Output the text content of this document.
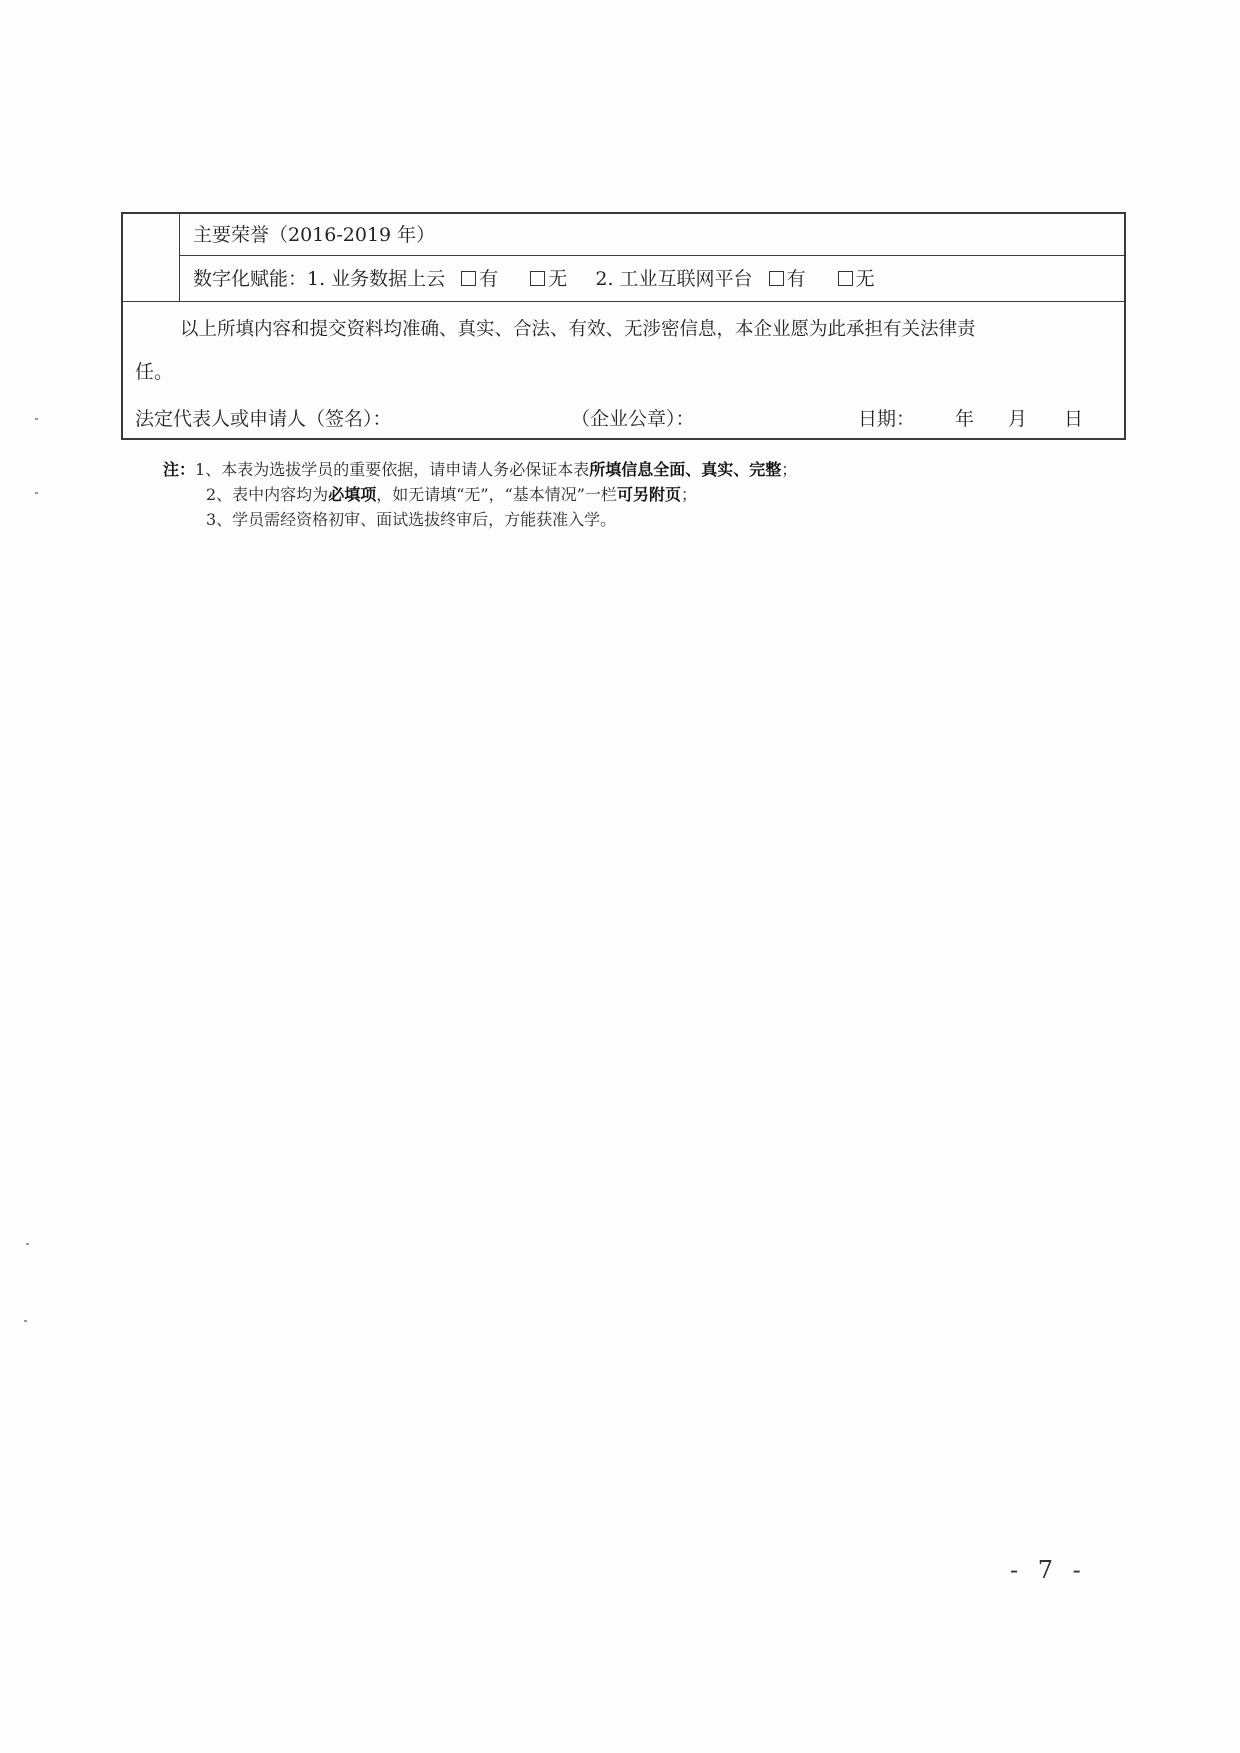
主要荣誉（2016-2019 年）
数字化赋能：1. 业务数据上云 有	无 2. 工业互联网平台 有	无
以上所填内容和提交资料均准确、真实、合法、有效、无涉密信息，本企业愿为此承担有关法律责
任。
法定代表人或申请人（签名）：	（企业公章）：	日期： 年 月 日
注：1、本表为选拔学员的重要依据，请申请人务必保证本表所填信息全面、真实、完整；
2、表中内容均为必填项，如无请填“无”，“基本情况”一栏可另附页；
3、学员需经资格初审、面试选拔终审后，方能获准入学。
- 7 -
